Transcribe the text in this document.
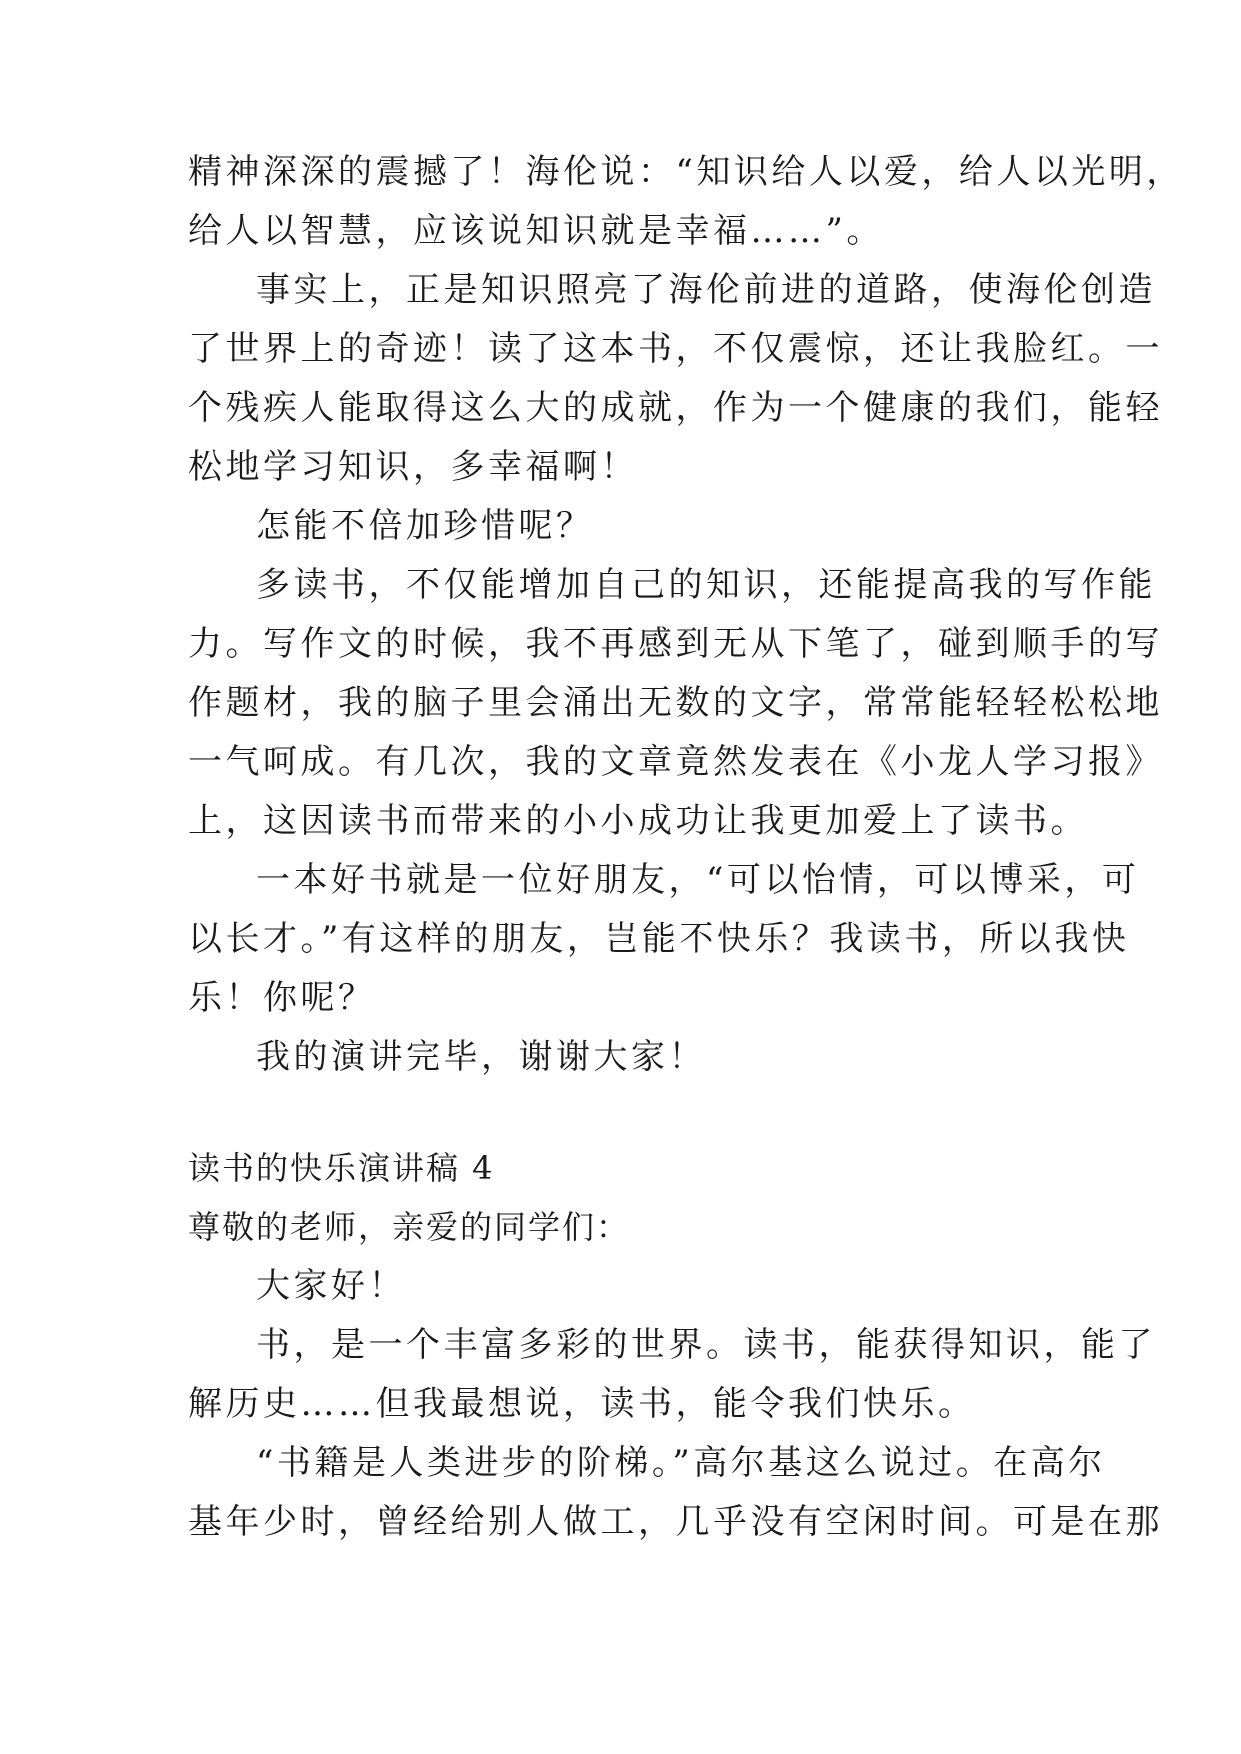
精神深深的震撼了！海伦说：“知识给人以爱，给人以光明，
给人以智慧，应该说知识就是幸福……”。
事实上，正是知识照亮了海伦前进的道路，使海伦创造
了世界上的奇迹！读了这本书，不仅震惊，还让我脸红。一
个残疾人能取得这么大的成就，作为一个健康的我们，能轻
松地学习知识，多幸福啊！
怎能不倍加珍惜呢？
多读书，不仅能增加自己的知识，还能提高我的写作能
力。写作文的时候，我不再感到无从下笔了，碰到顺手的写
作题材，我的脑子里会涌出无数的文字，常常能轻轻松松地
一气呵成。有几次，我的文章竟然发表在《小龙人学习报》
上，这因读书而带来的小小成功让我更加爱上了读书。
一本好书就是一位好朋友，“可以怡情，可以博采，可
以长才。”有这样的朋友，岂能不快乐？我读书，所以我快
乐！你呢？
我的演讲完毕，谢谢大家！
读书的快乐演讲稿 4
尊敬的老师，亲爱的同学们：
大家好！
书，是一个丰富多彩的世界。读书，能获得知识，能了
解历史……但我最想说，读书，能令我们快乐。
“书籍是人类进步的阶梯。”高尔基这么说过。在高尔
基年少时，曾经给别人做工，几乎没有空闲时间。可是在那
